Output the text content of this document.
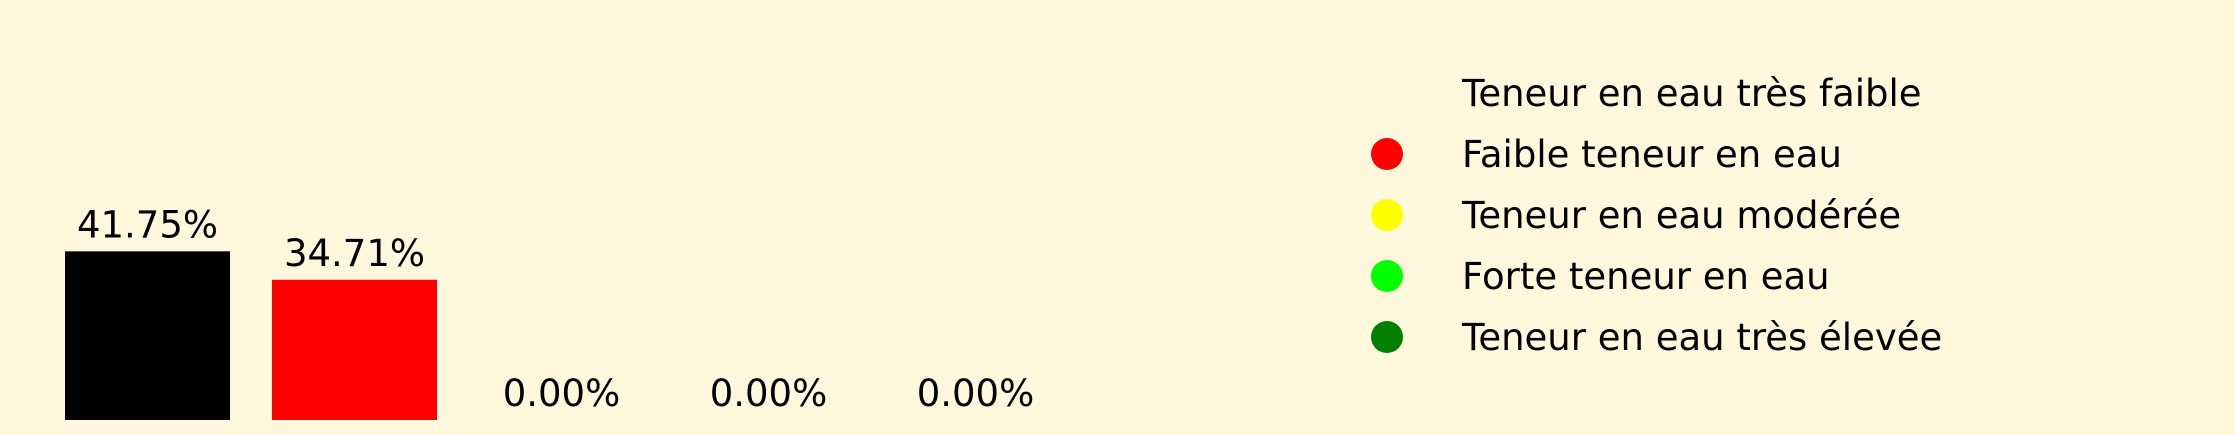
41.75%
34.71%
0.00% 0.00% 0.00%
Teneur en eau très faible
Faible teneur en eau
Teneur en eau modérée
Forte teneur en eau
Teneur en eau très élevée
